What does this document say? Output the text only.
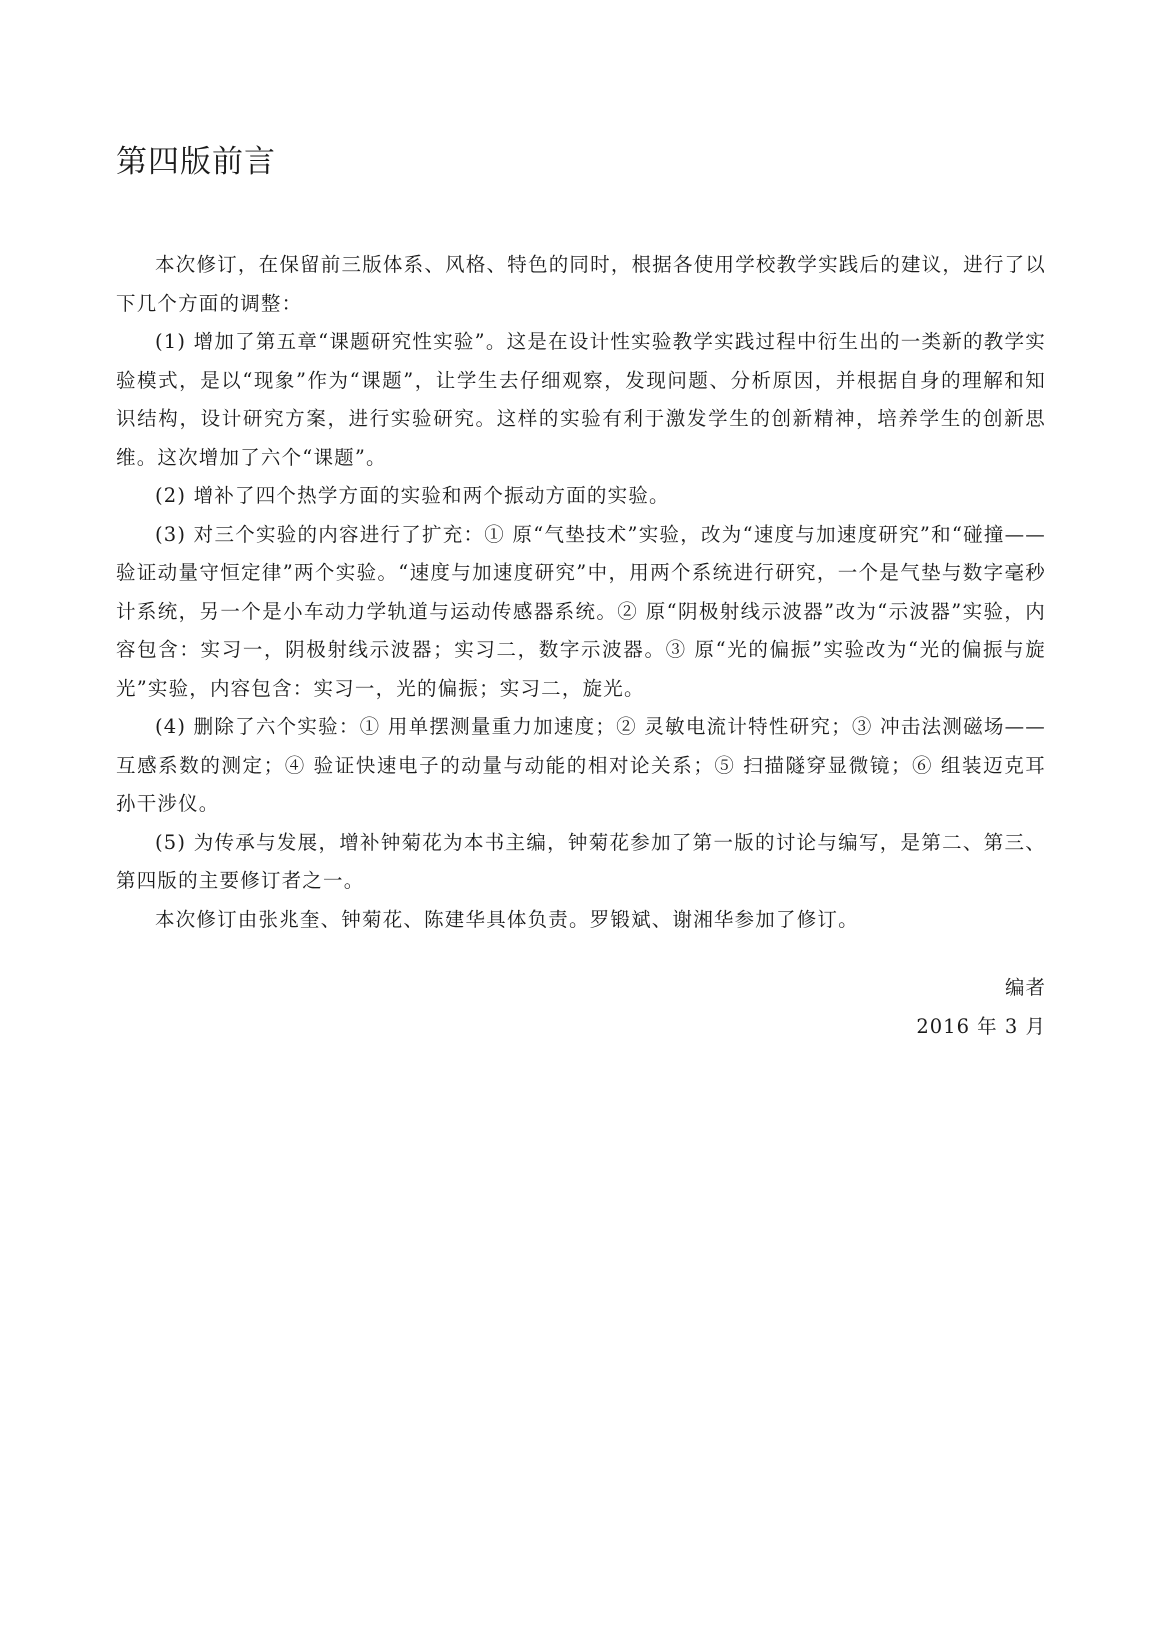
第四版前言

本次修订，在保留前三版体系、风格、特色的同时，根据各使用学校教学实践后的建议，进行了以下几个方面的调整：

(1) 增加了第五章“课题研究性实验”。这是在设计性实验教学实践过程中衍生出的一类新的教学实验模式，是以“现象”作为“课题”，让学生去仔细观察，发现问题、分析原因，并根据自身的理解和知识结构，设计研究方案，进行实验研究。这样的实验有利于激发学生的创新精神，培养学生的创新思维。这次增加了六个“课题”。

(2) 增补了四个热学方面的实验和两个振动方面的实验。

(3) 对三个实验的内容进行了扩充：① 原“气垫技术”实验，改为“速度与加速度研究”和“碰撞——验证动量守恒定律”两个实验。“速度与加速度研究”中，用两个系统进行研究，一个是气垫与数字毫秒计系统，另一个是小车动力学轨道与运动传感器系统。② 原“阴极射线示波器”改为“示波器”实验，内容包含：实习一，阴极射线示波器；实习二，数字示波器。③ 原“光的偏振”实验改为“光的偏振与旋光”实验，内容包含：实习一，光的偏振；实习二，旋光。

(4) 删除了六个实验：① 用单摆测量重力加速度；② 灵敏电流计特性研究；③ 冲击法测磁场——互感系数的测定；④ 验证快速电子的动量与动能的相对论关系；⑤ 扫描隧穿显微镜；⑥ 组装迈克耳孙干涉仪。

(5) 为传承与发展，增补钟菊花为本书主编，钟菊花参加了第一版的讨论与编写，是第二、第三、第四版的主要修订者之一。

本次修订由张兆奎、钟菊花、陈建华具体负责。罗锻斌、谢湘华参加了修订。

编者

2016 年 3 月
